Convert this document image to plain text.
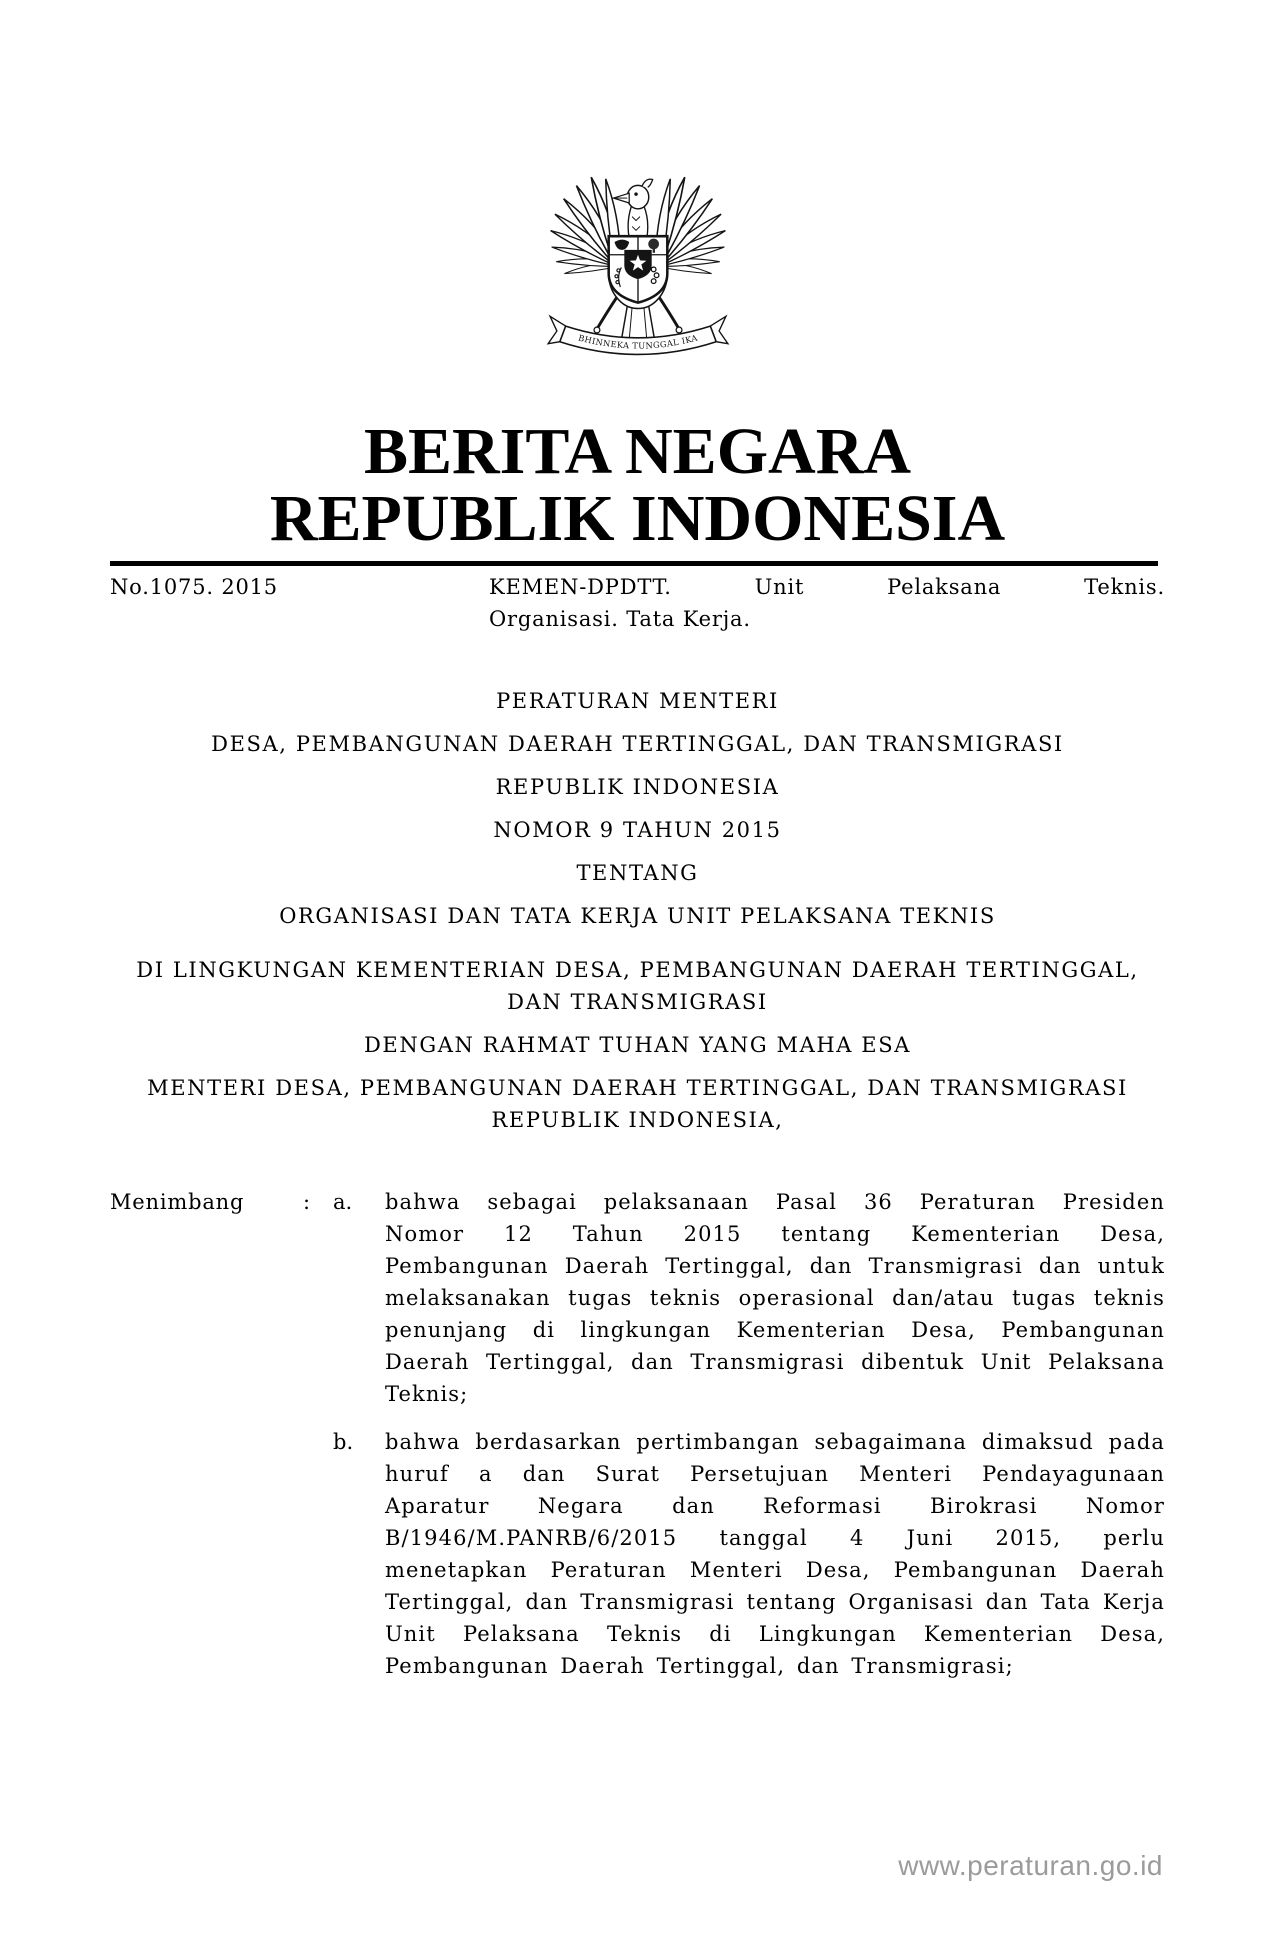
BHINNEKA TUNGGAL IKA
BERITA NEGARA
REPUBLIK INDONESIA
No.1075. 2015	KEMEN-DPDTT. Unit Pelaksana Teknis.
Organisasi. Tata Kerja.
PERATURAN MENTERI
DESA, PEMBANGUNAN DAERAH TERTINGGAL, DAN TRANSMIGRASI
REPUBLIK INDONESIA
NOMOR 9 TAHUN 2015
TENTANG
ORGANISASI DAN TATA KERJA UNIT PELAKSANA TEKNIS
DI LINGKUNGAN KEMENTERIAN DESA, PEMBANGUNAN DAERAH TERTINGGAL,
DAN TRANSMIGRASI
DENGAN RAHMAT TUHAN YANG MAHA ESA
MENTERI DESA, PEMBANGUNAN DAERAH TERTINGGAL, DAN TRANSMIGRASI
REPUBLIK INDONESIA,
Menimbang	:	a.	bahwa sebagai pelaksanaan Pasal 36 Peraturan Presiden Nomor 12 Tahun 2015 tentang Kementerian Desa, Pembangunan Daerah Tertinggal, dan Transmigrasi dan untuk melaksanakan tugas teknis operasional dan/atau tugas teknis penunjang di lingkungan Kementerian Desa, Pembangunan Daerah Tertinggal, dan Transmigrasi dibentuk Unit Pelaksana Teknis;
b.	bahwa berdasarkan pertimbangan sebagaimana dimaksud pada huruf a dan Surat Persetujuan Menteri Pendayagunaan Aparatur Negara dan Reformasi Birokrasi Nomor B/1946/M.PANRB/6/2015 tanggal 4 Juni 2015, perlu menetapkan Peraturan Menteri Desa, Pembangunan Daerah Tertinggal, dan Transmigrasi tentang Organisasi dan Tata Kerja Unit Pelaksana Teknis di Lingkungan Kementerian Desa, Pembangunan Daerah Tertinggal, dan Transmigrasi;
www.peraturan.go.id
